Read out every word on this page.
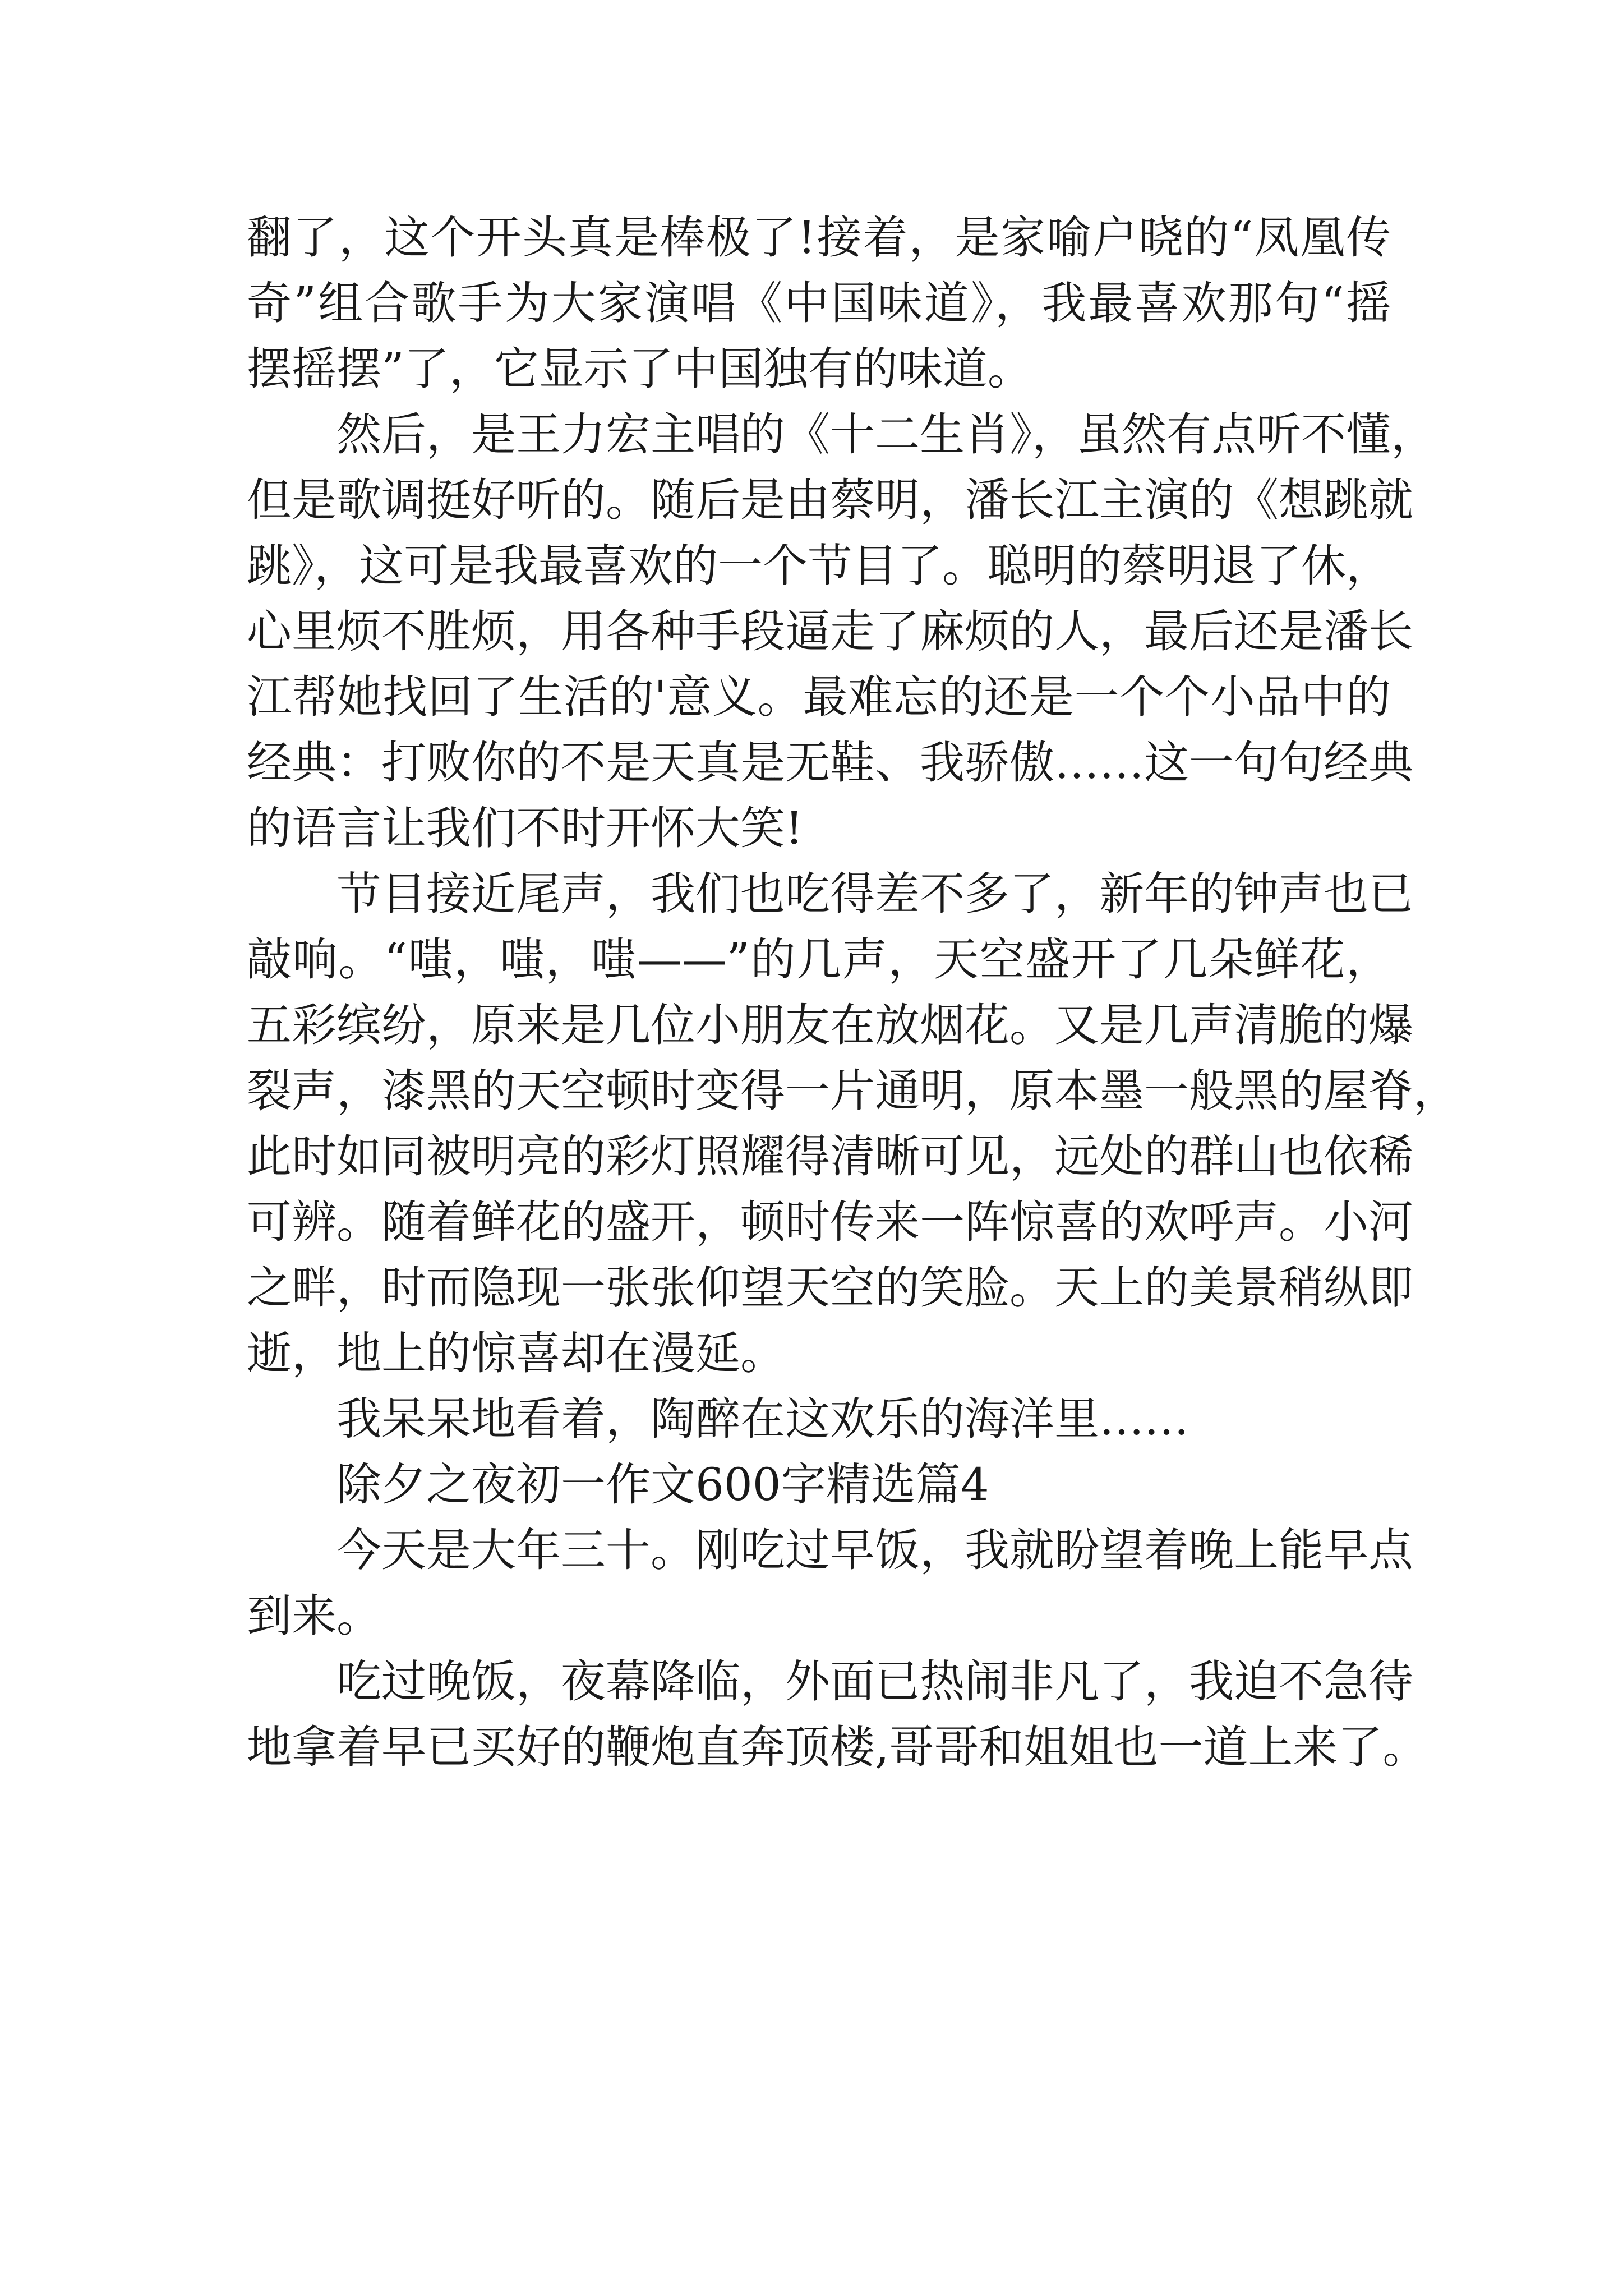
翻了，这个开头真是棒极了!接着，是家喻户晓的“凤凰传
奇”组合歌手为大家演唱《中国味道》，我最喜欢那句“摇
摆摇摆”了，它显示了中国独有的味道。
然后，是王力宏主唱的《十二生肖》，虽然有点听不懂，
但是歌调挺好听的。随后是由蔡明，潘长江主演的《想跳就
跳》，这可是我最喜欢的一个节目了。聪明的蔡明退了休，
心里烦不胜烦，用各种手段逼走了麻烦的人，最后还是潘长
江帮她找回了生活的'意义。最难忘的还是一个个小品中的
经典：打败你的不是天真是无鞋、我骄傲……这一句句经典
的语言让我们不时开怀大笑!
节目接近尾声，我们也吃得差不多了，新年的钟声也已
敲响。“嗤，嗤，嗤——”的几声，天空盛开了几朵鲜花，
五彩缤纷，原来是几位小朋友在放烟花。又是几声清脆的爆
裂声，漆黑的天空顿时变得一片通明，原本墨一般黑的屋脊，
此时如同被明亮的彩灯照耀得清晰可见，远处的群山也依稀
可辨。随着鲜花的盛开，顿时传来一阵惊喜的欢呼声。小河
之畔，时而隐现一张张仰望天空的笑脸。天上的美景稍纵即
逝，地上的惊喜却在漫延。
我呆呆地看着，陶醉在这欢乐的海洋里……
除夕之夜初一作文600字精选篇4
今天是大年三十。刚吃过早饭，我就盼望着晚上能早点
到来。
吃过晚饭，夜幕降临，外面已热闹非凡了，我迫不急待
地拿着早已买好的鞭炮直奔顶楼,哥哥和姐姐也一道上来了。
